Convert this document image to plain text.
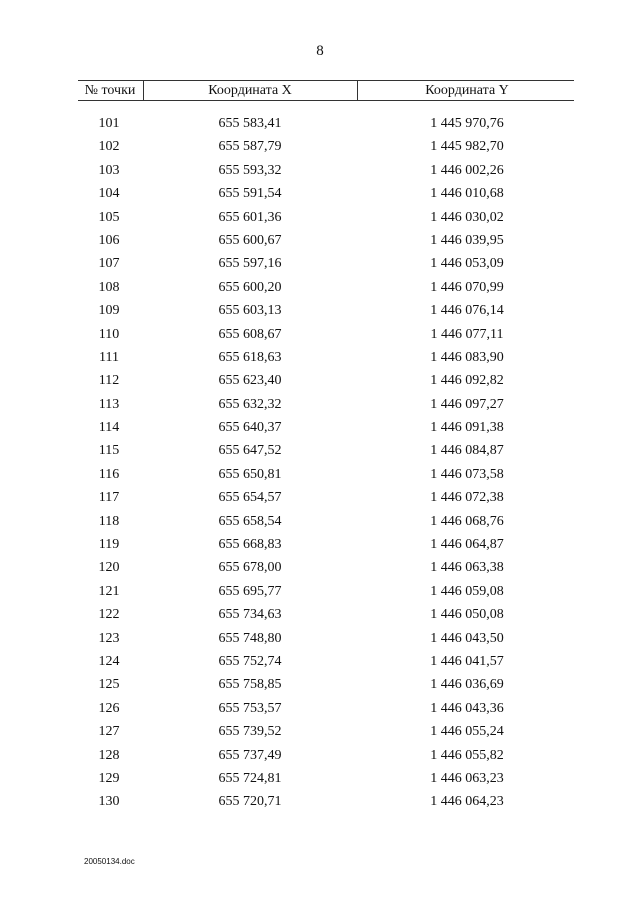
8
№ точки	Координата X	Координата Y
101	655 583,41	1 445 970,76
102	655 587,79	1 445 982,70
103	655 593,32	1 446 002,26
104	655 591,54	1 446 010,68
105	655 601,36	1 446 030,02
106	655 600,67	1 446 039,95
107	655 597,16	1 446 053,09
108	655 600,20	1 446 070,99
109	655 603,13	1 446 076,14
110	655 608,67	1 446 077,11
111	655 618,63	1 446 083,90
112	655 623,40	1 446 092,82
113	655 632,32	1 446 097,27
114	655 640,37	1 446 091,38
115	655 647,52	1 446 084,87
116	655 650,81	1 446 073,58
117	655 654,57	1 446 072,38
118	655 658,54	1 446 068,76
119	655 668,83	1 446 064,87
120	655 678,00	1 446 063,38
121	655 695,77	1 446 059,08
122	655 734,63	1 446 050,08
123	655 748,80	1 446 043,50
124	655 752,74	1 446 041,57
125	655 758,85	1 446 036,69
126	655 753,57	1 446 043,36
127	655 739,52	1 446 055,24
128	655 737,49	1 446 055,82
129	655 724,81	1 446 063,23
130	655 720,71	1 446 064,23
20050134.doc
